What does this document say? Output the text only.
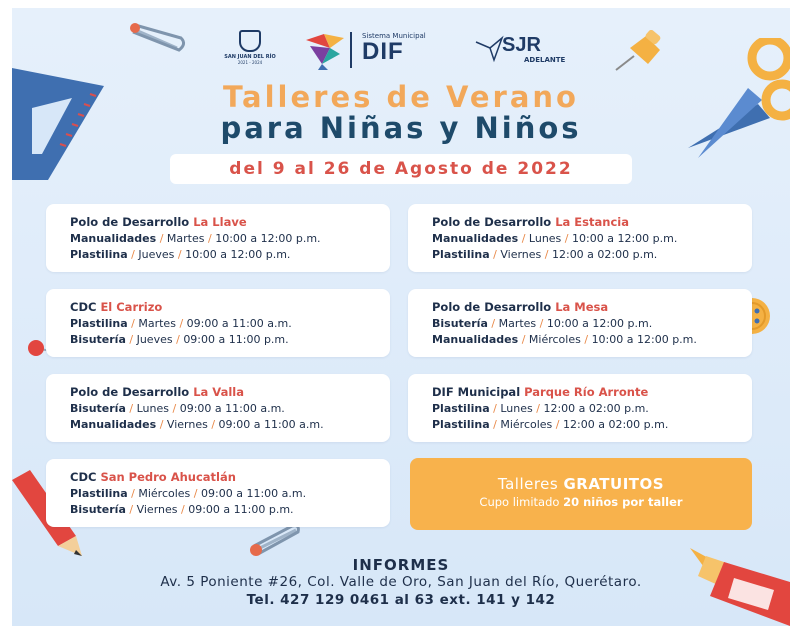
SAN JUAN DEL RÍO
2021 - 2024
Sistema Municipal
DIF	SJR
ADELANTE
Talleres de Verano
para Niñas y Niños
del 9 al 26 de Agosto de 2022
Polo de Desarrollo La Llave
Manualidades / Martes / 10:00 a 12:00 p.m.
Plastilina / Jueves / 10:00 a 12:00 p.m.
Polo de Desarrollo La Estancia
Manualidades / Lunes / 10:00 a 12:00 p.m.
Plastilina / Viernes / 12:00 a 02:00 p.m.
CDC El Carrizo
Plastilina / Martes / 09:00 a 11:00 a.m.
Bisutería / Jueves / 09:00 a 11:00 p.m.
Polo de Desarrollo La Mesa
Bisutería / Martes / 10:00 a 12:00 p.m.
Manualidades / Miércoles / 10:00 a 12:00 p.m.
Polo de Desarrollo La Valla
Bisutería / Lunes / 09:00 a 11:00 a.m.
Manualidades / Viernes / 09:00 a 11:00 a.m.
DIF Municipal Parque Río Arronte
Plastilina / Lunes / 12:00 a 02:00 p.m.
Plastilina / Miércoles / 12:00 a 02:00 p.m.
CDC San Pedro Ahucatlán
Plastilina / Miércoles / 09:00 a 11:00 a.m.
Bisutería / Viernes / 09:00 a 11:00 p.m.
Talleres GRATUITOS
Cupo limitado 20 niños por taller
INFORMES
Av. 5 Poniente #26, Col. Valle de Oro, San Juan del Río, Querétaro.
Tel. 427 129 0461 al 63 ext. 141 y 142
